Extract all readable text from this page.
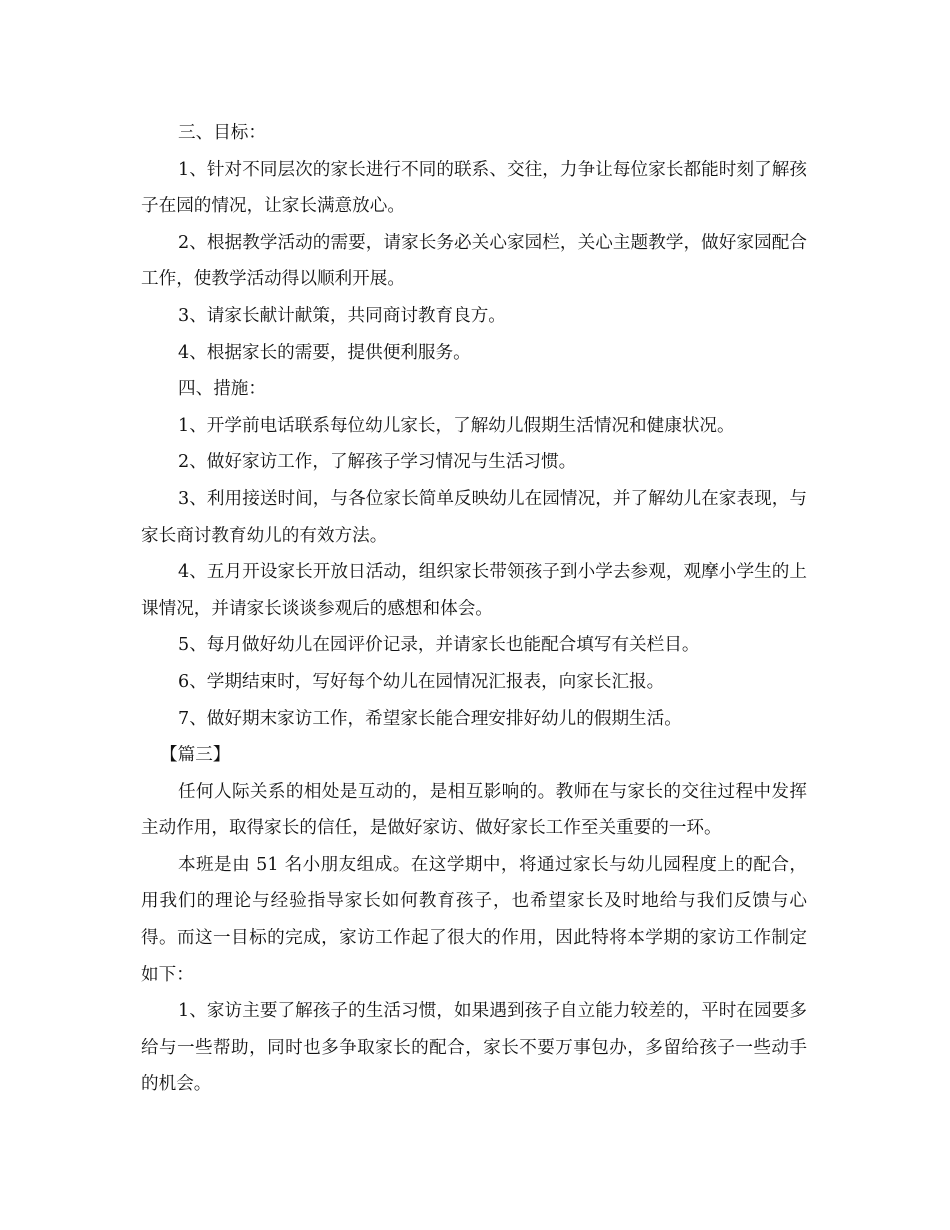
三、目标：

1、针对不同层次的家长进行不同的联系、交往，力争让每位家长都能时刻了解孩子在园的情况，让家长满意放心。

2、根据教学活动的需要，请家长务必关心家园栏，关心主题教学，做好家园配合工作，使教学活动得以顺利开展。

3、请家长献计献策，共同商讨教育良方。

4、根据家长的需要，提供便利服务。

四、措施：

1、开学前电话联系每位幼儿家长，了解幼儿假期生活情况和健康状况。

2、做好家访工作，了解孩子学习情况与生活习惯。

3、利用接送时间，与各位家长简单反映幼儿在园情况，并了解幼儿在家表现，与家长商讨教育幼儿的有效方法。

4、五月开设家长开放日活动，组织家长带领孩子到小学去参观，观摩小学生的上课情况，并请家长谈谈参观后的感想和体会。

5、每月做好幼儿在园评价记录，并请家长也能配合填写有关栏目。

6、学期结束时，写好每个幼儿在园情况汇报表，向家长汇报。

7、做好期末家访工作，希望家长能合理安排好幼儿的假期生活。

【篇三】

任何人际关系的相处是互动的，是相互影响的。教师在与家长的交往过程中发挥主动作用，取得家长的信任，是做好家访、做好家长工作至关重要的一环。

本班是由 51 名小朋友组成。在这学期中，将通过家长与幼儿园程度上的配合，用我们的理论与经验指导家长如何教育孩子，也希望家长及时地给与我们反馈与心得。而这一目标的完成，家访工作起了很大的作用，因此特将本学期的家访工作制定如下：

1、家访主要了解孩子的生活习惯，如果遇到孩子自立能力较差的，平时在园要多给与一些帮助，同时也多争取家长的配合，家长不要万事包办，多留给孩子一些动手的机会。
